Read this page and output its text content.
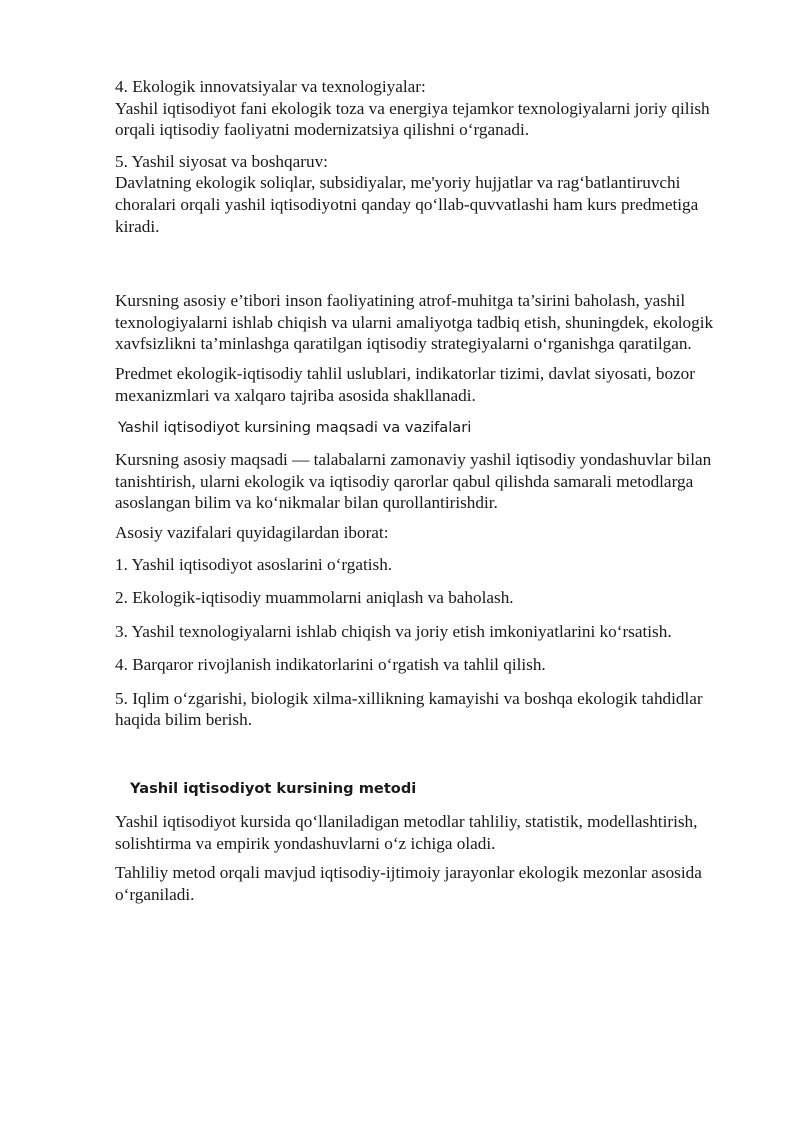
4. Ekologik innovatsiyalar va texnologiyalar:

Yashil iqtisodiyot fani ekologik toza va energiya tejamkor texnologiyalarni joriy qilish orqali iqtisodiy faoliyatni modernizatsiya qilishni o‘rganadi.

5. Yashil siyosat va boshqaruv:

Davlatning ekologik soliqlar, subsidiyalar, me'yoriy hujjatlar va rag‘batlantiruvchi choralari orqali yashil iqtisodiyotni qanday qo‘llab-quvvatlashi ham kurs predmetiga kiradi.

Kursning asosiy e’tibori inson faoliyatining atrof-muhitga ta’sirini baholash, yashil texnologiyalarni ishlab chiqish va ularni amaliyotga tadbiq etish, shuningdek, ekologik xavfsizlikni ta’minlashga qaratilgan iqtisodiy strategiyalarni o‘rganishga qaratilgan.

Predmet ekologik-iqtisodiy tahlil uslublari, indikatorlar tizimi, davlat siyosati, bozor mexanizmlari va xalqaro tajriba asosida shakllanadi.

Yashil iqtisodiyot kursining maqsadi va vazifalari

Kursning asosiy maqsadi — talabalarni zamonaviy yashil iqtisodiy yondashuvlar bilan tanishtirish, ularni ekologik va iqtisodiy qarorlar qabul qilishda samarali metodlarga asoslangan bilim va ko‘nikmalar bilan qurollantirishdir.

Asosiy vazifalari quyidagilardan iborat:

1. Yashil iqtisodiyot asoslarini o‘rgatish.

2. Ekologik-iqtisodiy muammolarni aniqlash va baholash.

3. Yashil texnologiyalarni ishlab chiqish va joriy etish imkoniyatlarini ko‘rsatish.

4. Barqaror rivojlanish indikatorlarini o‘rgatish va tahlil qilish.

5. Iqlim o‘zgarishi, biologik xilma-xillikning kamayishi va boshqa ekologik tahdidlar haqida bilim berish.

Yashil iqtisodiyot kursining metodi

Yashil iqtisodiyot kursida qo‘llaniladigan metodlar tahliliy, statistik, modellashtirish, solishtirma va empirik yondashuvlarni o‘z ichiga oladi.

Tahliliy metod orqali mavjud iqtisodiy-ijtimoiy jarayonlar ekologik mezonlar asosida o‘rganiladi.
